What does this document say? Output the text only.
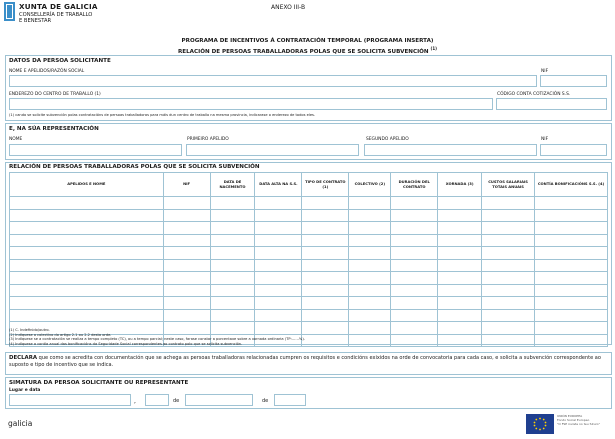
XUNTA DE GALICIA
CONSELLERÍA DE TRABALLO
E BENESTAR
ANEXO III-B
PROGRAMA DE INCENTIVOS Á CONTRATACIÓN TEMPORAL (PROGRAMA INSERTA)
RELACIÓN DE PERSOAS TRABALLADORAS POLAS QUE SE SOLICITA SUBVENCIÓN $^{(1)}$
DATOS DA PERSOA SOLICITANTE
NOME E APELIDOS/RAZÓN SOCIAL	NIF
ENDEREZO DO CENTRO DE TRABALLO (1)	CÓDIGO CONTA COTIZACIÓN S.S.
(1) cando se solicite subvención polas contratacións de persoas traballadoras para máis dun centro de traballo na mesma provincia, indicarase o enderezo de todos eles.
E, NA SÚA REPRESENTACIÓN
NOME	PRIMEIRO APELIDO	SEGUNDO APELIDO	NIF
RELACIÓN DE PERSOAS TRABALLADORAS POLAS QUE SE SOLICITA SUBVENCIÓN
APELIDOS E NOME	NIF	DATA DE NACEMENTO	DATA ALTA NA S.S.	TIPO DE CONTRATO (1)	COLECTIVO (2)	DURACIÓN DEL CONTRATO	XORNADA (3)	CUSTOS SALARIAIS TOTAIS ANUAIS	CONTÍA BONIFICACIÓNS S.S. (4)

(1) C. Indefinido/outro.
(2) Indíquese o colectivo do artigo 2.1 ou 2.2 desta orde.
(3) Indíquese se a contratación se realiza a tempo completo (TC), ou a tempo parcial; neste caso, farase constar a porcentaxe sobre a xornada ordinaria (TP:……%).
(4) Indíquese a contía anual das bonificacións da Seguridade Social correspondentes ao contrato polo que se solicita subvención.
DECLARA que como se acredita con documentación que se achega as persoas traballadoras relacionadas cumpren os requisitos e condicións exixidos na orde de convocatoria para cada caso, e solicita a subvención correspondente ao suposto e tipo de incentivo que se indica.
SIMATURA DA PERSOA SOLICITANTE OU REPRESENTANTE
Lugar e data
,	de	de
galicia
UNIÓN EUROPEA
Fondo Social Europeo
"O FSE inviste no teu futuro"
